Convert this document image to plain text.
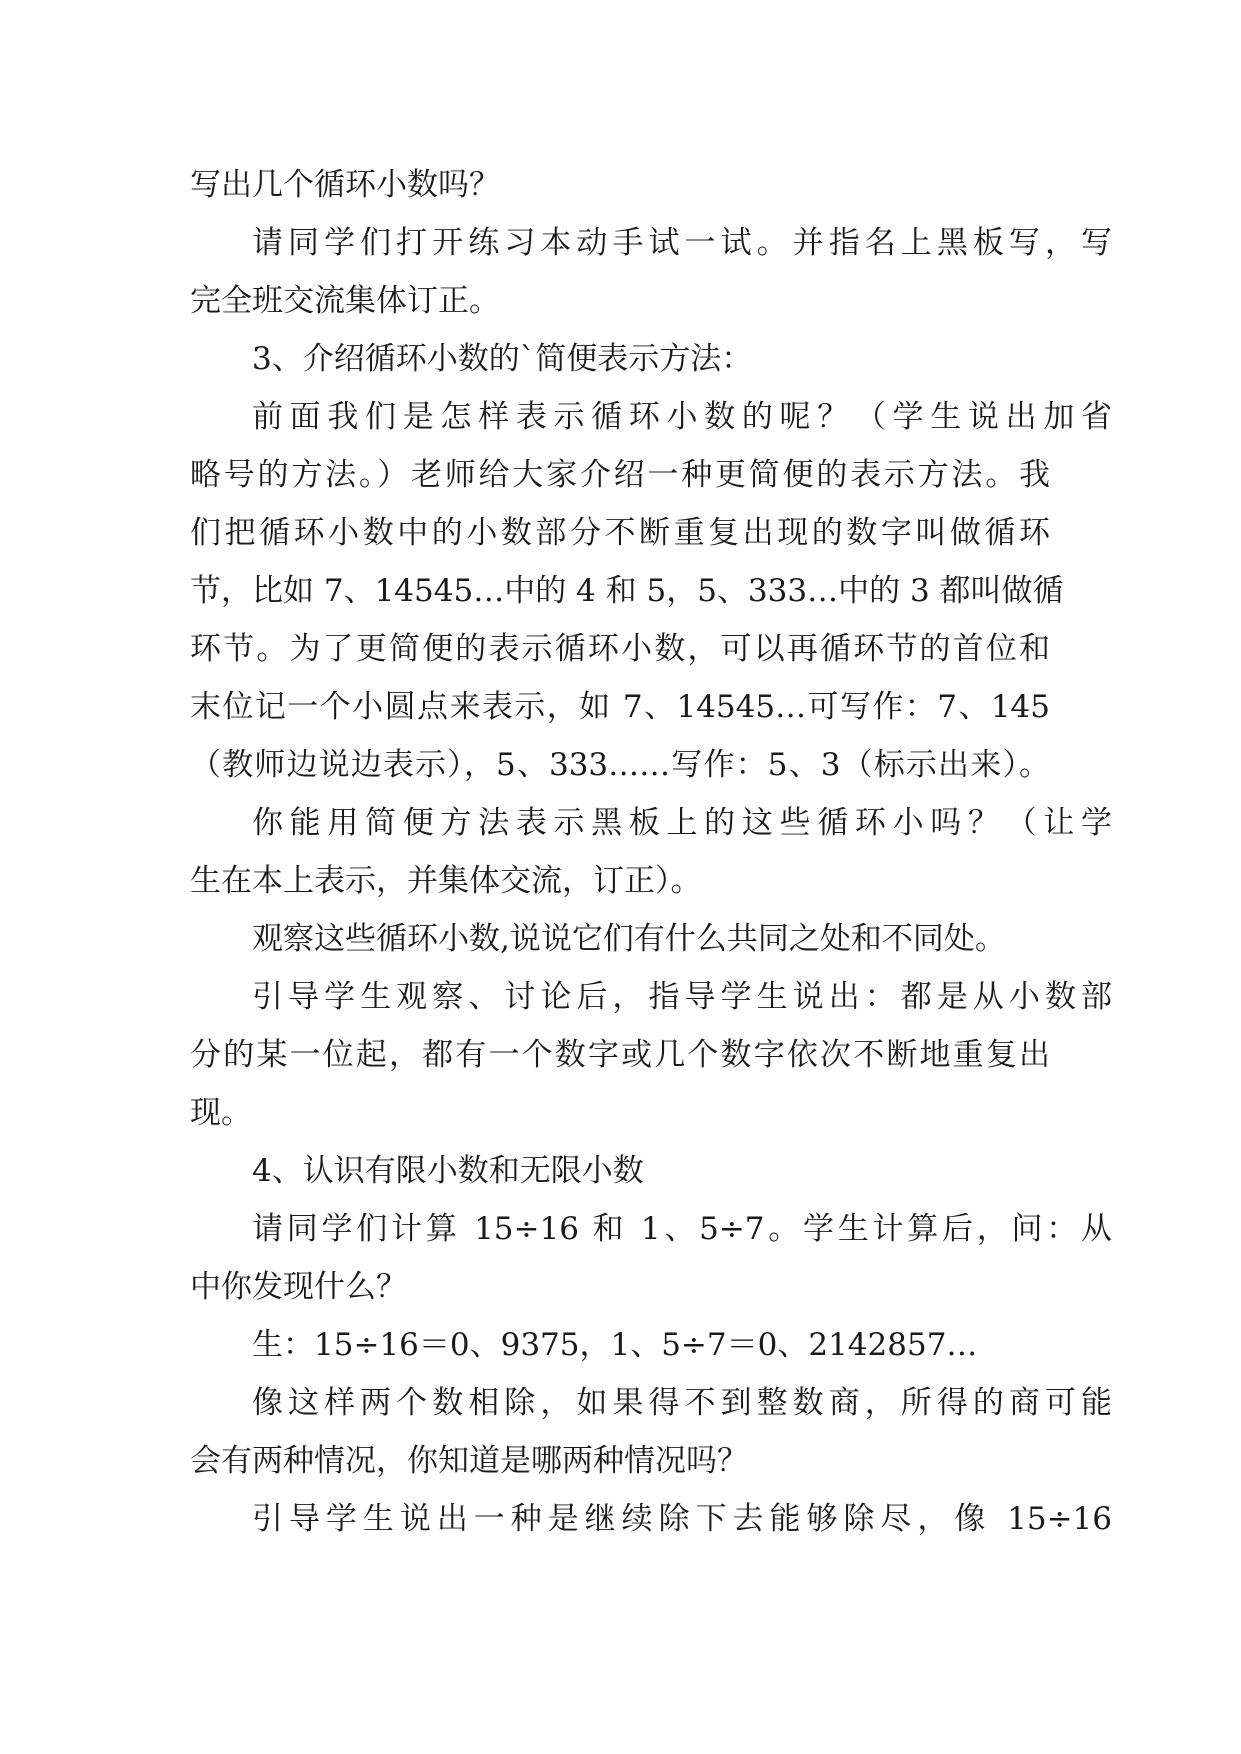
写出几个循环小数吗？
请同学们打开练习本动手试一试。并指名上黑板写，写
完全班交流集体订正。
3、介绍循环小数的`简便表示方法：
前面我们是怎样表示循环小数的呢？（学生说出加省
略号的方法。）老师给大家介绍一种更简便的表示方法。我
们把循环小数中的小数部分不断重复出现的数字叫做循环
节，比如 7、14545…中的 4 和 5，5、333…中的 3 都叫做循
环节。为了更简便的表示循环小数，可以再循环节的首位和
末位记一个小圆点来表示，如 7、14545…可写作：7、145
（教师边说边表示），5、333……写作：5、3（标示出来）。
你能用简便方法表示黑板上的这些循环小吗？（让学
生在本上表示，并集体交流，订正）。
观察这些循环小数,说说它们有什么共同之处和不同处。
引导学生观察、讨论后，指导学生说出：都是从小数部
分的某一位起，都有一个数字或几个数字依次不断地重复出
现。
4、认识有限小数和无限小数
请同学们计算 15÷16 和 1、5÷7。学生计算后，问：从
中你发现什么？
生：15÷16＝0、9375，1、5÷7＝0、2142857…
像这样两个数相除，如果得不到整数商，所得的商可能
会有两种情况，你知道是哪两种情况吗？
引导学生说出一种是继续除下去能够除尽，像 15÷16
